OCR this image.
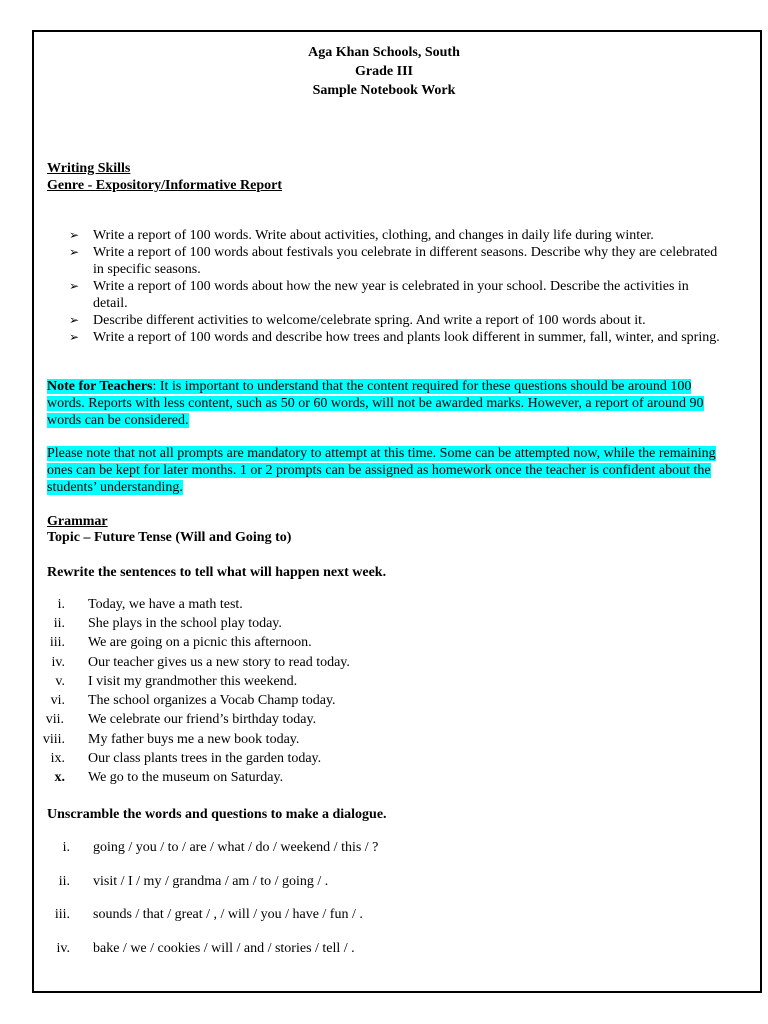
Aga Khan Schools, South
Grade III
Sample Notebook Work
Writing Skills
Genre - Expository/Informative Report
➢ Write a report of 100 words. Write about activities, clothing, and changes in daily life during winter.
➢ Write a report of 100 words about festivals you celebrate in different seasons. Describe why they are celebrated in specific seasons.
➢ Write a report of 100 words about how the new year is celebrated in your school. Describe the activities in detail.
➢ Describe different activities to welcome/celebrate spring. And write a report of 100 words about it.
➢ Write a report of 100 words and describe how trees and plants look different in summer, fall, winter, and spring.
Note for Teachers: It is important to understand that the content required for these questions should be around 100 words. Reports with less content, such as 50 or 60 words, will not be awarded marks. However, a report of around 90 words can be considered.
Please note that not all prompts are mandatory to attempt at this time. Some can be attempted now, while the remaining ones can be kept for later months. 1 or 2 prompts can be assigned as homework once the teacher is confident about the students’ understanding.
Grammar
Topic – Future Tense (Will and Going to)
Rewrite the sentences to tell what will happen next week.
i. Today, we have a math test.
ii. She plays in the school play today.
iii. We are going on a picnic this afternoon.
iv. Our teacher gives us a new story to read today.
v. I visit my grandmother this weekend.
vi. The school organizes a Vocab Champ today.
vii. We celebrate our friend’s birthday today.
viii. My father buys me a new book today.
ix. Our class plants trees in the garden today.
x. We go to the museum on Saturday.
Unscramble the words and questions to make a dialogue.
i. going / you / to / are / what / do / weekend / this / ?
ii. visit / I / my / grandma / am / to / going / .
iii. sounds / that / great / , / will / you / have / fun / .
iv. bake / we / cookies / will / and / stories / tell / .
